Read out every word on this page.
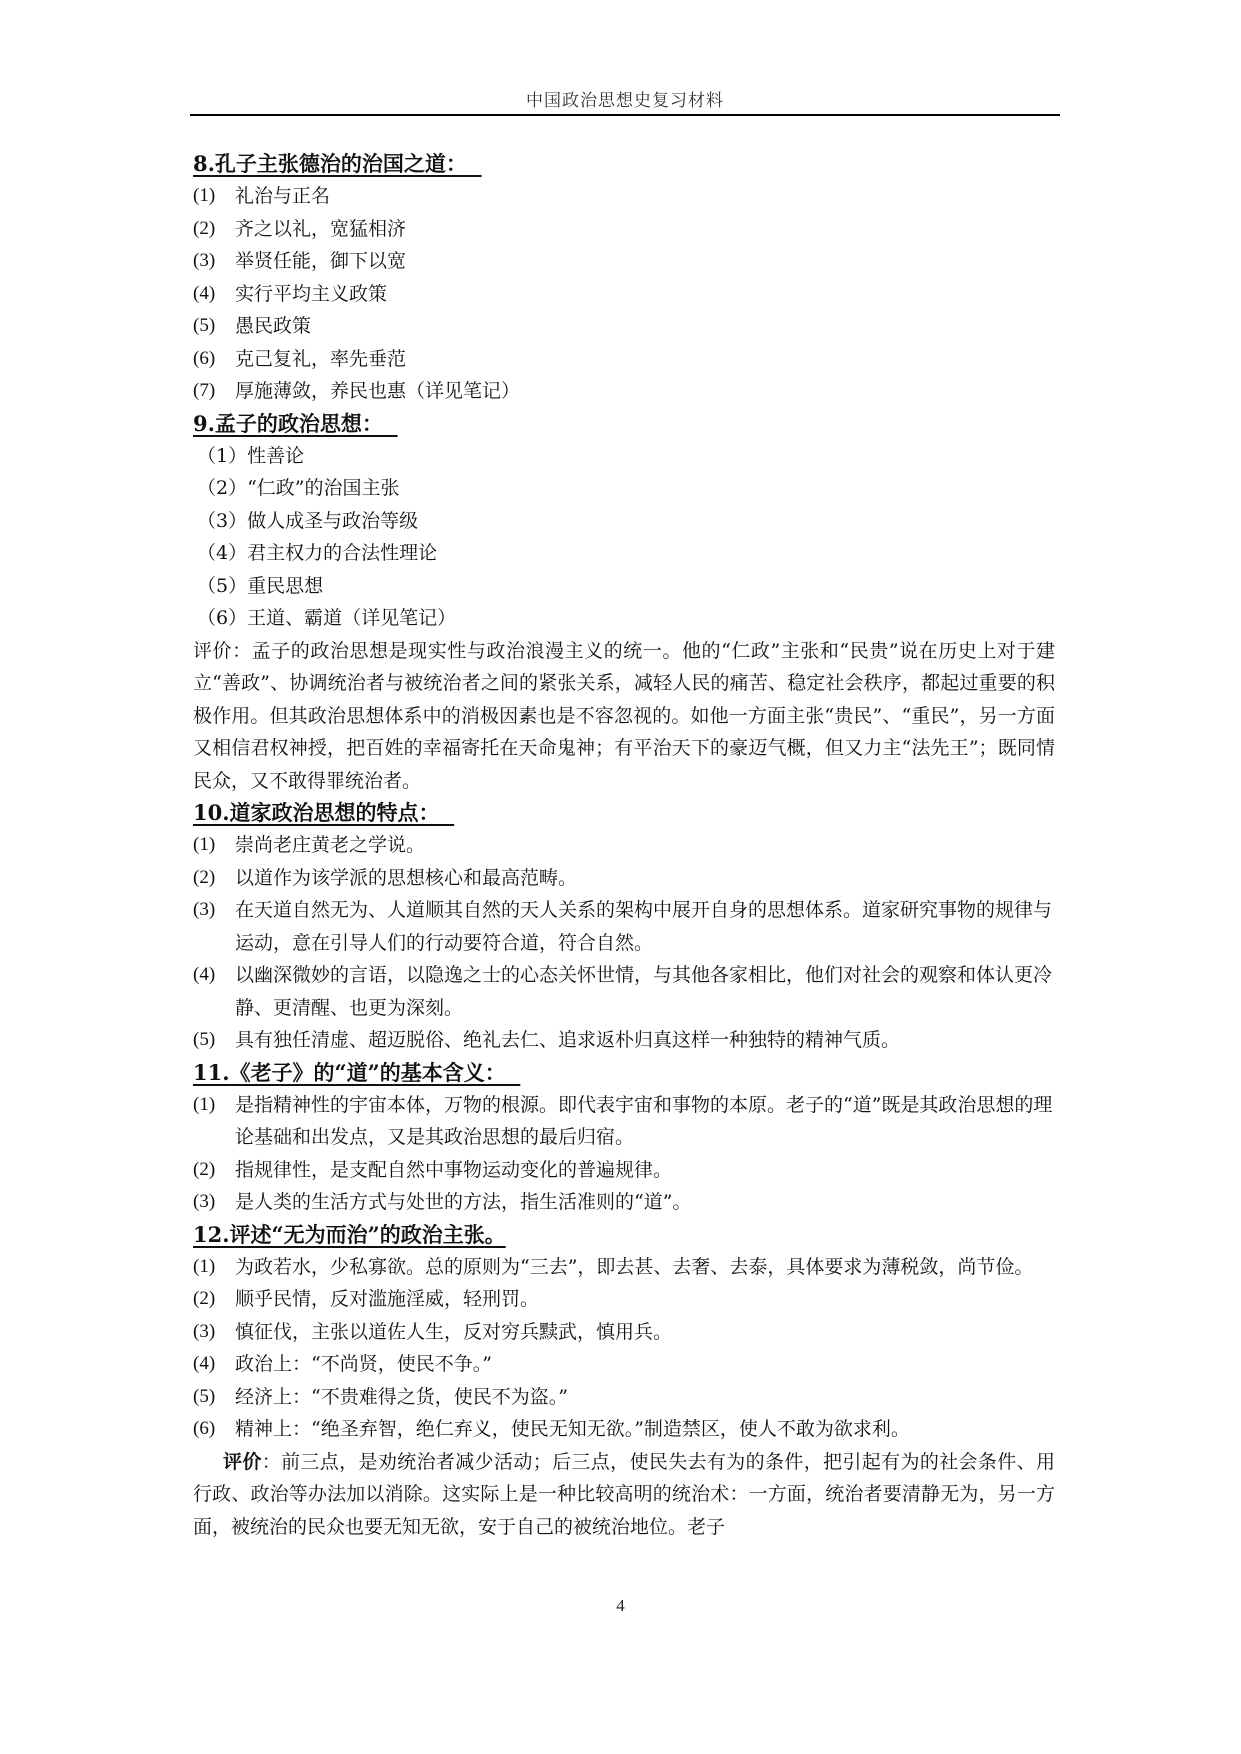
中国政治思想史复习材料
8.孔子主张德治的治国之道：
(1) 礼治与正名
(2) 齐之以礼，宽猛相济
(3) 举贤任能，御下以宽
(4) 实行平均主义政策
(5) 愚民政策
(6) 克己复礼，率先垂范
(7) 厚施薄敛，养民也惠（详见笔记）
9.孟子的政治思想：
（1）性善论
（2）“仁政”的治国主张
（3）做人成圣与政治等级
（4）君主权力的合法性理论
（5）重民思想
（6）王道、霸道（详见笔记）
评价：孟子的政治思想是现实性与政治浪漫主义的统一。他的“仁政”主张和“民贵”说在历史上对于建立“善政”、协调统治者与被统治者之间的紧张关系，减轻人民的痛苦、稳定社会秩序，都起过重要的积极作用。但其政治思想体系中的消极因素也是不容忽视的。如他一方面主张“贵民”、“重民”，另一方面又相信君权神授，把百姓的幸福寄托在天命鬼神；有平治天下的豪迈气概，但又力主“法先王”；既同情民众，又不敢得罪统治者。
10.道家政治思想的特点：
(1) 崇尚老庄黄老之学说。
(2) 以道作为该学派的思想核心和最高范畴。
(3) 在天道自然无为、人道顺其自然的天人关系的架构中展开自身的思想体系。道家研究事物的规律与运动，意在引导人们的行动要符合道，符合自然。
(4) 以幽深微妙的言语，以隐逸之士的心态关怀世情，与其他各家相比，他们对社会的观察和体认更冷静、更清醒、也更为深刻。
(5) 具有独任清虚、超迈脱俗、绝礼去仁、追求返朴归真这样一种独特的精神气质。
11.《老子》的“道”的基本含义：
(1) 是指精神性的宇宙本体，万物的根源。即代表宇宙和事物的本原。老子的“道”既是其政治思想的理论基础和出发点，又是其政治思想的最后归宿。
(2) 指规律性，是支配自然中事物运动变化的普遍规律。
(3) 是人类的生活方式与处世的方法，指生活准则的“道”。
12.评述“无为而治”的政治主张。
(1) 为政若水，少私寡欲。总的原则为“三去”，即去甚、去奢、去泰，具体要求为薄税敛，尚节俭。
(2) 顺乎民情，反对滥施淫威，轻刑罚。
(3) 慎征伐，主张以道佐人生，反对穷兵黩武，慎用兵。
(4) 政治上：“不尚贤，使民不争。”
(5) 经济上：“不贵难得之货，使民不为盗。”
(6) 精神上：“绝圣弃智，绝仁弃义，使民无知无欲。”制造禁区，使人不敢为欲求利。
评价：前三点，是劝统治者减少活动；后三点，使民失去有为的条件，把引起有为的社会条件、用行政、政治等办法加以消除。这实际上是一种比较高明的统治术：一方面，统治者要清静无为，另一方面，被统治的民众也要无知无欲，安于自己的被统治地位。老子
4
